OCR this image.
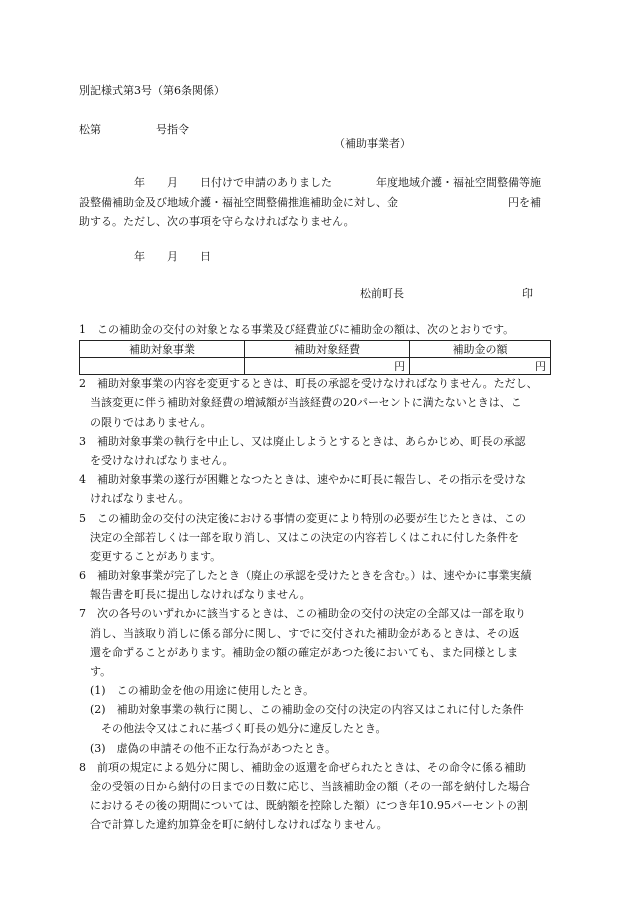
別記様式第3号（第6条関係）
松第　　　　　号指令
（補助事業者）
　　　　　年　　月　　日付けで申請のありました　　　　年度地域介護・福祉空間整備等施
設整備補助金及び地域介護・福祉空間整備推進補助金に対し、金　　　　　　　　　　円を補
助する。ただし、次の事項を守らなければなりません。
　　　　　年　　月　　日
松前町長	印
1　この補助金の交付の対象となる事業及び経費並びに補助金の額は、次のとおりです。
補助対象事業	補助対象経費	補助金の額
	円	円
2　補助対象事業の内容を変更するときは、町長の承認を受けなければなりません。ただし、
　当該変更に伴う補助対象経費の増減額が当該経費の20パーセントに満たないときは、こ
　の限りではありません。
3　補助対象事業の執行を中止し、又は廃止しようとするときは、あらかじめ、町長の承認
　を受けなければなりません。
4　補助対象事業の遂行が困難となつたときは、速やかに町長に報告し、その指示を受けな
　ければなりません。
5　この補助金の交付の決定後における事情の変更により特別の必要が生じたときは、この
　決定の全部若しくは一部を取り消し、又はこの決定の内容若しくはこれに付した条件を
　変更することがあります。
6　補助対象事業が完了したとき（廃止の承認を受けたときを含む。）は、速やかに事業実績
　報告書を町長に提出しなければなりません。
7　次の各号のいずれかに該当するときは、この補助金の交付の決定の全部又は一部を取り
　消し、当該取り消しに係る部分に関し、すでに交付された補助金があるときは、その返
　還を命ずることがあります。補助金の額の確定があつた後においても、また同様としま
　す。
　(1)　この補助金を他の用途に使用したとき。
　(2)　補助対象事業の執行に関し、この補助金の交付の決定の内容又はこれに付した条件
　　その他法令又はこれに基づく町長の処分に違反したとき。
　(3)　虚偽の申請その他不正な行為があつたとき。
8　前項の規定による処分に関し、補助金の返還を命ぜられたときは、その命令に係る補助
　金の受領の日から納付の日までの日数に応じ、当該補助金の額（その一部を納付した場合
　におけるその後の期間については、既納額を控除した額）につき年10.95パーセントの割
　合で計算した違約加算金を町に納付しなければなりません。
